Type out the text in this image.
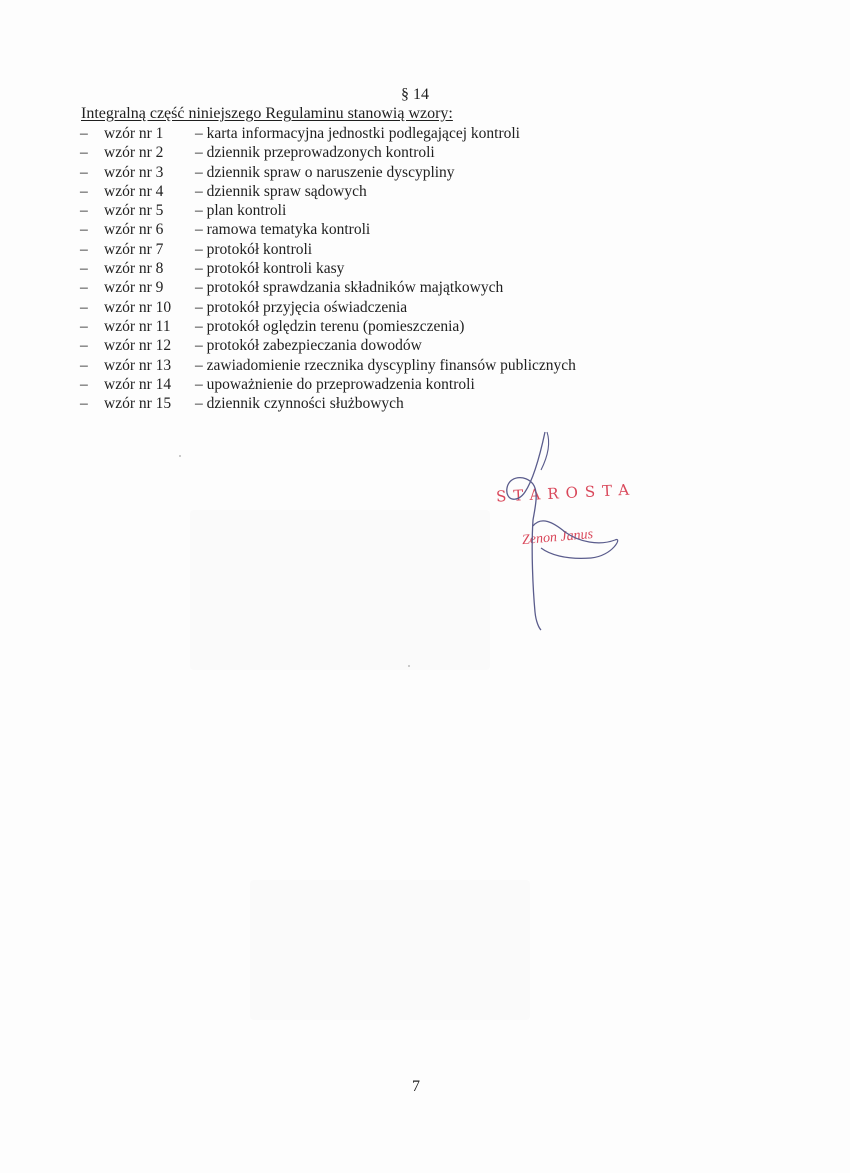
§ 14
Integralną część niniejszego Regulaminu stanowią wzory:
–	wzór nr 1	– karta informacyjna jednostki podlegającej kontroli
–	wzór nr 2	– dziennik przeprowadzonych kontroli
–	wzór nr 3	– dziennik spraw o naruszenie dyscypliny
–	wzór nr 4	– dziennik spraw sądowych
–	wzór nr 5	– plan kontroli
–	wzór nr 6	– ramowa tematyka kontroli
–	wzór nr 7	– protokół kontroli
–	wzór nr 8	– protokół kontroli kasy
–	wzór nr 9	– protokół sprawdzania składników majątkowych
–	wzór nr 10	– protokół przyjęcia oświadczenia
–	wzór nr 11	– protokół oględzin terenu (pomieszczenia)
–	wzór nr 12	– protokół zabezpieczania dowodów
–	wzór nr 13	– zawiadomienie rzecznika dyscypliny finansów publicznych
–	wzór nr 14	– upoważnienie do przeprowadzenia kontroli
–	wzór nr 15	– dziennik czynności służbowych
STAROSTA
Zenon Janus
7
